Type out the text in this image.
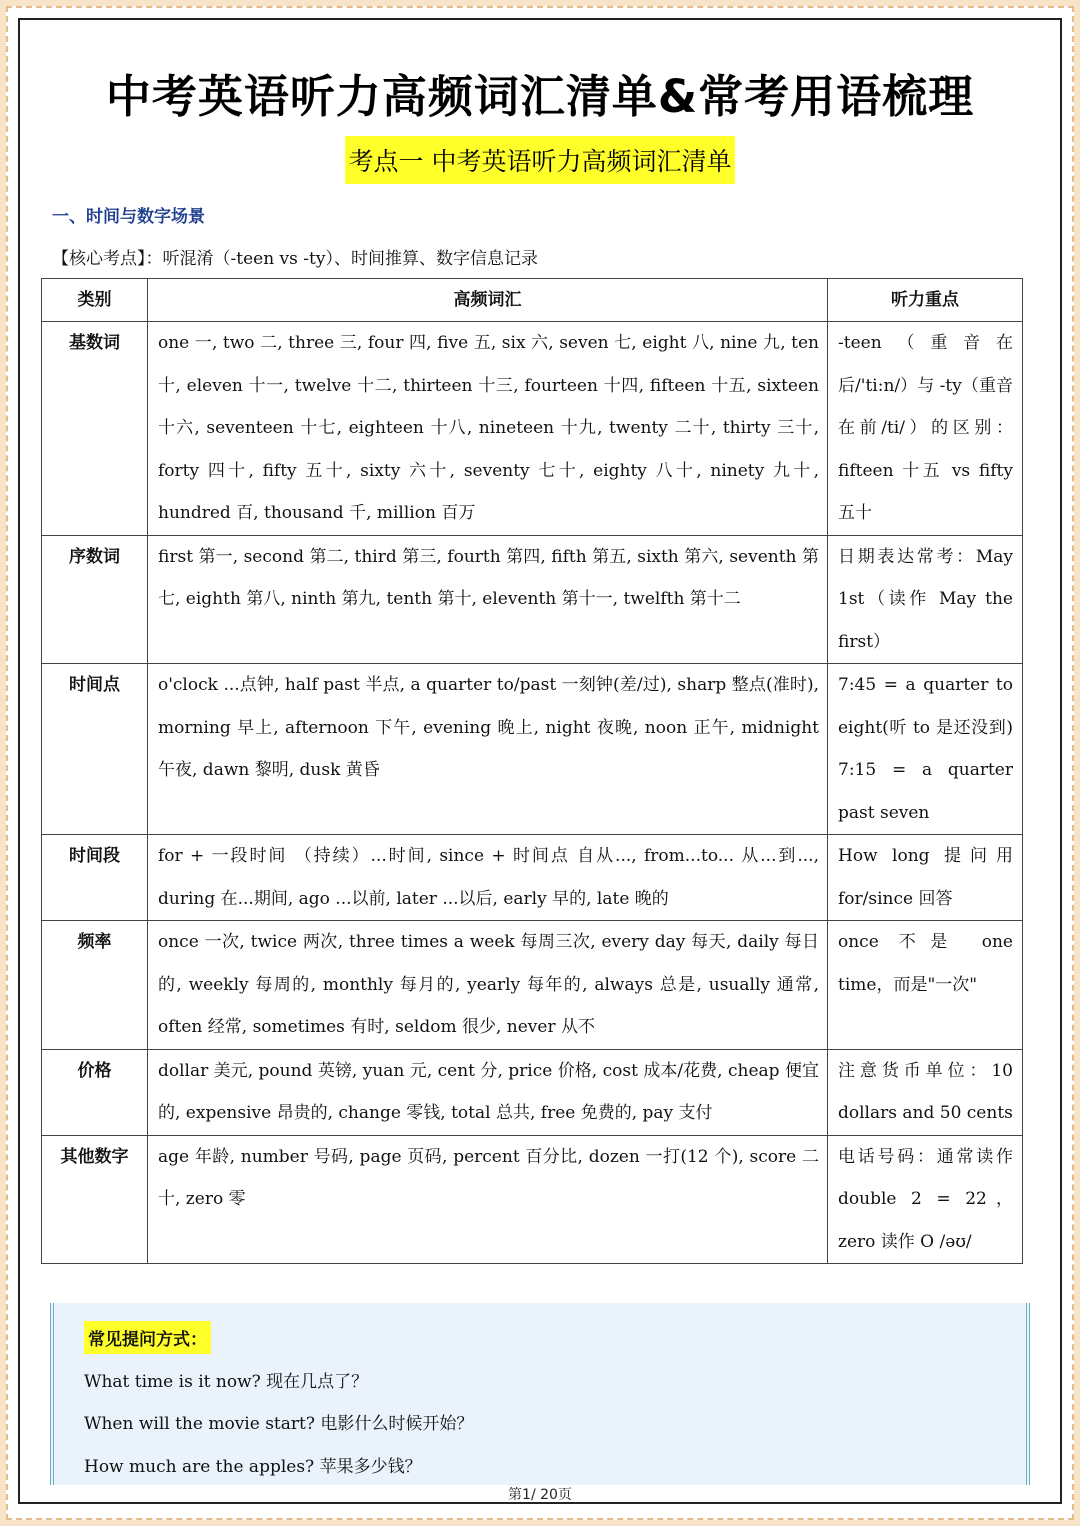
中考英语听力高频词汇清单&常考用语梳理
考点一 中考英语听力高频词汇清单
一、时间与数字场景
【核心考点】：听混淆（-teen vs -ty）、时间推算、数字信息记录
类别	高频词汇	听力重点
基数词	one 一, two 二, three 三, four 四, five 五, six 六, seven 七, eight 八, nine 九, ten 十, eleven 十一, twelve 十二, thirteen 十三, fourteen 十四, fifteen 十五, sixteen 十六, seventeen 十七, eighteen 十八, nineteen 十九, twenty 二十, thirty 三十, forty 四十, fifty 五十, sixty 六十, seventy 七十, eighty 八十, ninety 九十, hundred 百, thousand 千, million 百万	-teen（重音在后/'ti:n/）与 -ty（重音在前/ti/）的区别：fifteen 十五 vs fifty 五十
序数词	first 第一, second 第二, third 第三, fourth 第四, fifth 第五, sixth 第六, seventh 第七, eighth 第八, ninth 第九, tenth 第十, eleventh 第十一, twelfth 第十二	日期表达常考：May 1st（读作 May the first）
时间点	o'clock ...点钟, half past 半点, a quarter to/past 一刻钟(差/过), sharp 整点(准时), morning 早上, afternoon 下午, evening 晚上, night 夜晚, noon 正午, midnight 午夜, dawn 黎明, dusk 黄昏	7:45 = a quarter to eight(听 to 是还没到) 7:15 = a quarter past seven
时间段	for + 一段时间 （持续）...时间, since + 时间点 自从..., from...to... 从...到..., during 在...期间, ago ...以前, later ...以后, early 早的, late 晚的	How long 提问用 for/since 回答
频率	once 一次, twice 两次, three times a week 每周三次, every day 每天, daily 每日的, weekly 每周的, monthly 每月的, yearly 每年的, always 总是, usually 通常, often 经常, sometimes 有时, seldom 很少, never 从不	once 不是 one time，而是"一次"
价格	dollar 美元, pound 英镑, yuan 元, cent 分, price 价格, cost 成本/花费, cheap 便宜的, expensive 昂贵的, change 零钱, total 总共, free 免费的, pay 支付	注意货币单位：10 dollars and 50 cents
其他数字	age 年龄, number 号码, page 页码, percent 百分比, dozen 一打(12 个), score 二十, zero 零	电话号码：通常读作 double 2 = 22， zero 读作 O /əʊ/
常见提问方式：
What time is it now? 现在几点了？
When will the movie start? 电影什么时候开始？
How much are the apples? 苹果多少钱？
第1/ 20页
